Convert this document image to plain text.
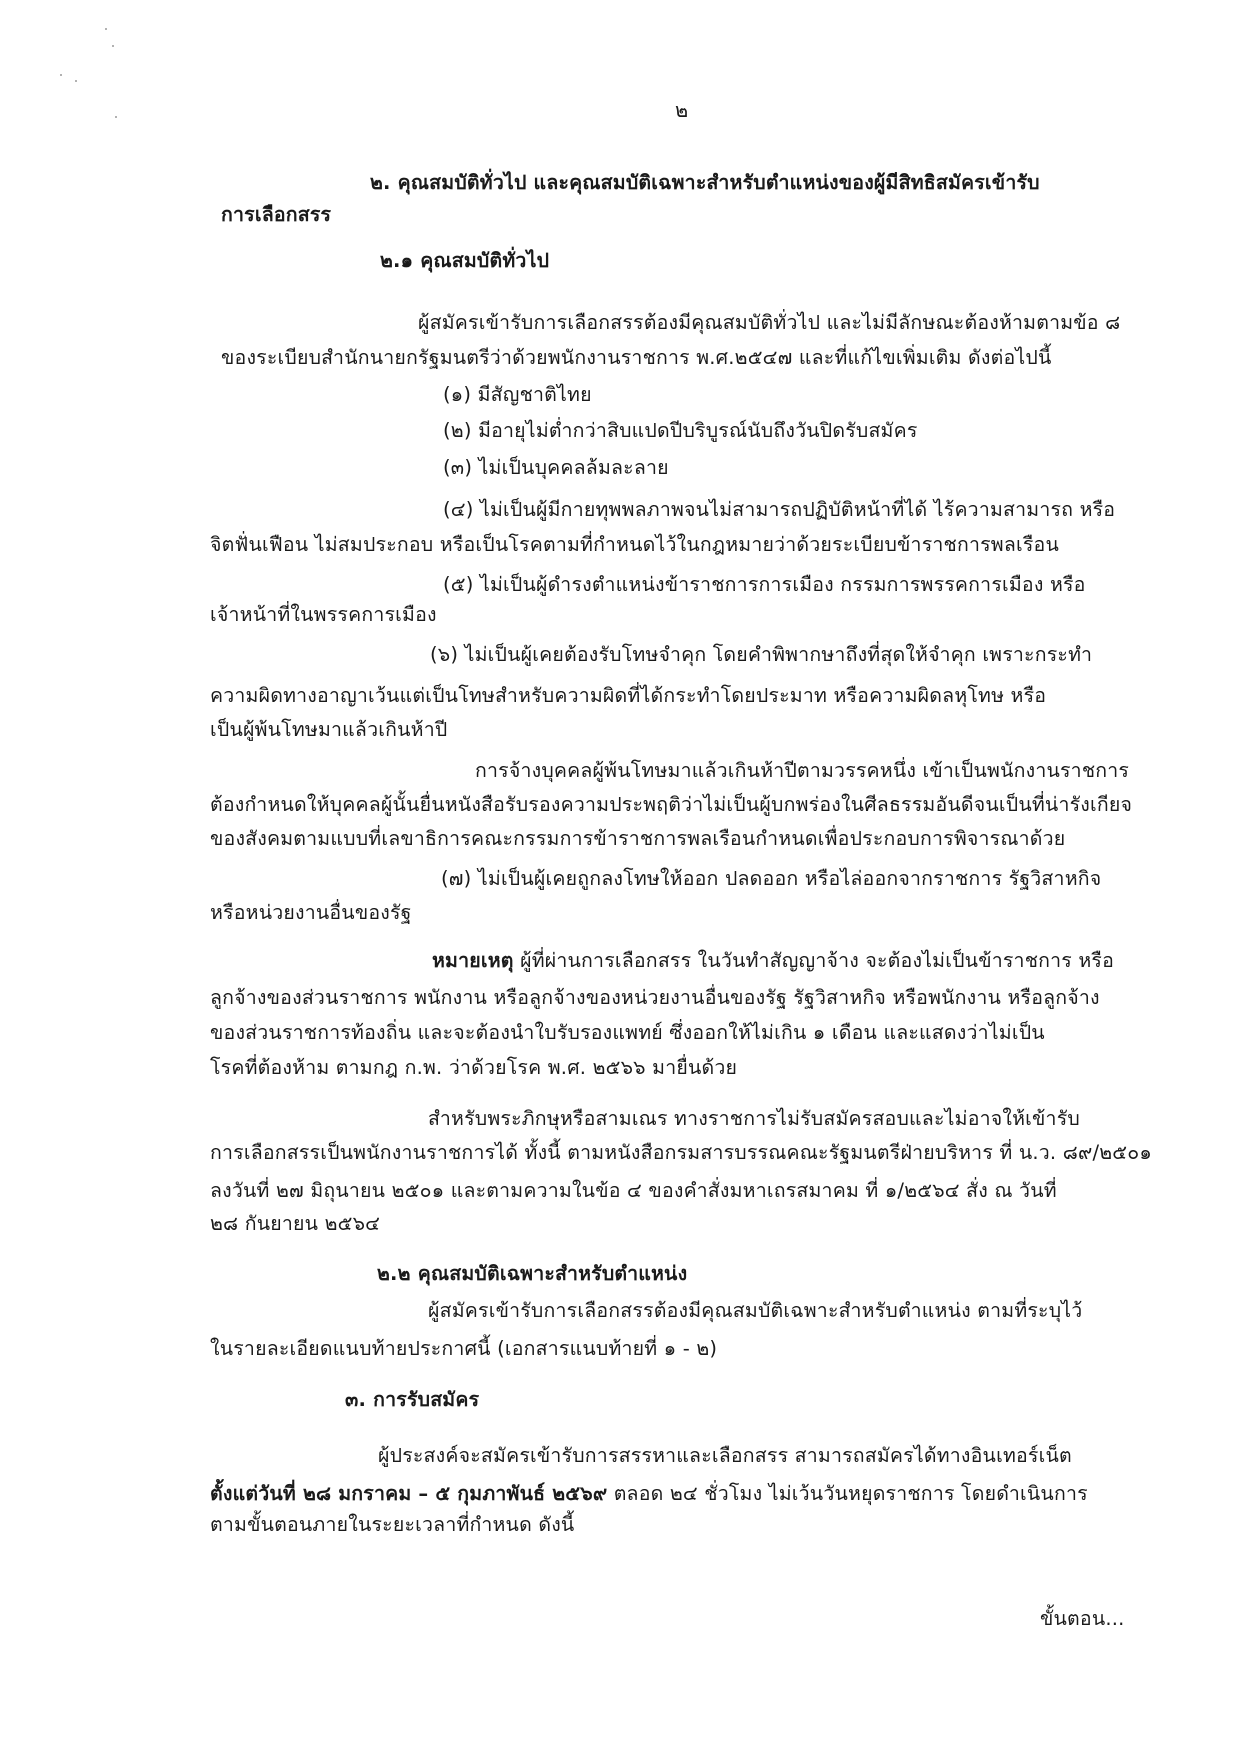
๒
๒. คุณสมบัติทั่วไป และคุณสมบัติเฉพาะสำหรับตำแหน่งของผู้มีสิทธิสมัครเข้ารับ
การเลือกสรร
๒.๑ คุณสมบัติทั่วไป
ผู้สมัครเข้ารับการเลือกสรรต้องมีคุณสมบัติทั่วไป และไม่มีลักษณะต้องห้ามตามข้อ ๘
ของระเบียบสำนักนายกรัฐมนตรีว่าด้วยพนักงานราชการ พ.ศ.๒๕๔๗ และที่แก้ไขเพิ่มเติม ดังต่อไปนี้
(๑) มีสัญชาติไทย
(๒) มีอายุไม่ต่ำกว่าสิบแปดปีบริบูรณ์นับถึงวันปิดรับสมัคร
(๓) ไม่เป็นบุคคลล้มละลาย
(๔) ไม่เป็นผู้มีกายทุพพลภาพจนไม่สามารถปฏิบัติหน้าที่ได้ ไร้ความสามารถ หรือ
จิตฟั่นเฟือน ไม่สมประกอบ หรือเป็นโรคตามที่กำหนดไว้ในกฎหมายว่าด้วยระเบียบข้าราชการพลเรือน
(๕) ไม่เป็นผู้ดำรงตำแหน่งข้าราชการการเมือง กรรมการพรรคการเมือง หรือ
เจ้าหน้าที่ในพรรคการเมือง
(๖) ไม่เป็นผู้เคยต้องรับโทษจำคุก โดยคำพิพากษาถึงที่สุดให้จำคุก เพราะกระทำ
ความผิดทางอาญาเว้นแต่เป็นโทษสำหรับความผิดที่ได้กระทำโดยประมาท หรือความผิดลหุโทษ หรือ
เป็นผู้พ้นโทษมาแล้วเกินห้าปี
การจ้างบุคคลผู้พ้นโทษมาแล้วเกินห้าปีตามวรรคหนึ่ง เข้าเป็นพนักงานราชการ
ต้องกำหนดให้บุคคลผู้นั้นยื่นหนังสือรับรองความประพฤติว่าไม่เป็นผู้บกพร่องในศีลธรรมอันดีจนเป็นที่น่ารังเกียจ
ของสังคมตามแบบที่เลขาธิการคณะกรรมการข้าราชการพลเรือนกำหนดเพื่อประกอบการพิจารณาด้วย
(๗) ไม่เป็นผู้เคยถูกลงโทษให้ออก ปลดออก หรือไล่ออกจากราชการ รัฐวิสาหกิจ
หรือหน่วยงานอื่นของรัฐ
หมายเหตุ ผู้ที่ผ่านการเลือกสรร ในวันทำสัญญาจ้าง จะต้องไม่เป็นข้าราชการ หรือ
ลูกจ้างของส่วนราชการ พนักงาน หรือลูกจ้างของหน่วยงานอื่นของรัฐ รัฐวิสาหกิจ หรือพนักงาน หรือลูกจ้าง
ของส่วนราชการท้องถิ่น และจะต้องนำใบรับรองแพทย์ ซึ่งออกให้ไม่เกิน ๑ เดือน และแสดงว่าไม่เป็น
โรคที่ต้องห้าม ตามกฎ ก.พ. ว่าด้วยโรค พ.ศ. ๒๕๖๖ มายื่นด้วย
สำหรับพระภิกษุหรือสามเณร ทางราชการไม่รับสมัครสอบและไม่อาจให้เข้ารับ
การเลือกสรรเป็นพนักงานราชการได้ ทั้งนี้ ตามหนังสือกรมสารบรรณคณะรัฐมนตรีฝ่ายบริหาร ที่ น.ว. ๘๙/๒๕๐๑
ลงวันที่ ๒๗ มิถุนายน ๒๕๐๑ และตามความในข้อ ๔ ของคำสั่งมหาเถรสมาคม ที่ ๑/๒๕๖๔ สั่ง ณ วันที่
๒๘ กันยายน ๒๕๖๔
๒.๒ คุณสมบัติเฉพาะสำหรับตำแหน่ง
ผู้สมัครเข้ารับการเลือกสรรต้องมีคุณสมบัติเฉพาะสำหรับตำแหน่ง ตามที่ระบุไว้
ในรายละเอียดแนบท้ายประกาศนี้ (เอกสารแนบท้ายที่ ๑ - ๒)
๓. การรับสมัคร
ผู้ประสงค์จะสมัครเข้ารับการสรรหาและเลือกสรร สามารถสมัครได้ทางอินเทอร์เน็ต
ตั้งแต่วันที่ ๒๘ มกราคม – ๕ กุมภาพันธ์ ๒๕๖๙ ตลอด ๒๔ ชั่วโมง ไม่เว้นวันหยุดราชการ โดยดำเนินการ
ตามขั้นตอนภายในระยะเวลาที่กำหนด ดังนี้
ขั้นตอน...
